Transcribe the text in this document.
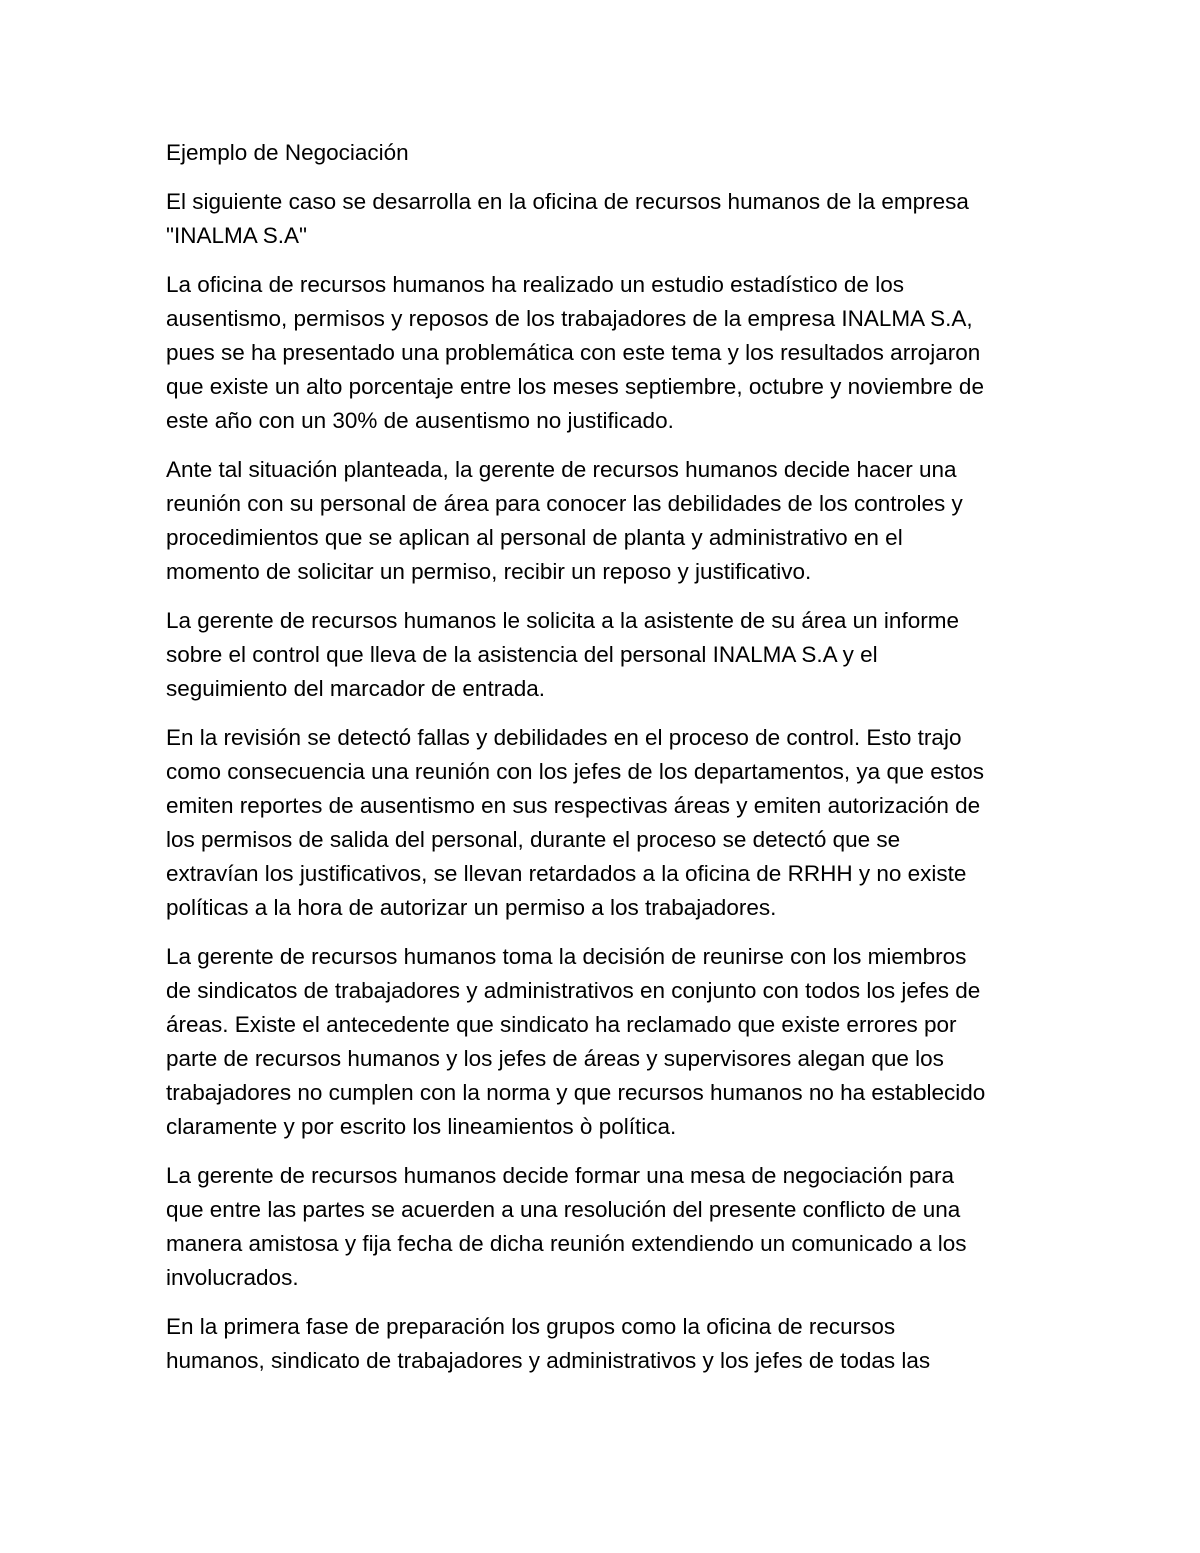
Ejemplo de Negociación

El siguiente caso se desarrolla en la oficina de recursos humanos de la empresa
"INALMA S.A"

La oficina de recursos humanos ha realizado un estudio estadístico de los
ausentismo, permisos y reposos de los trabajadores de la empresa INALMA S.A,
pues se ha presentado una problemática con este tema y los resultados arrojaron
que existe un alto porcentaje entre los meses septiembre, octubre y noviembre de
este año con un 30% de ausentismo no justificado.

Ante tal situación planteada, la gerente de recursos humanos decide hacer una
reunión con su personal de área para conocer las debilidades de los controles y
procedimientos que se aplican al personal de planta y administrativo en el
momento de solicitar un permiso, recibir un reposo y justificativo.

La gerente de recursos humanos le solicita a la asistente de su área un informe
sobre el control que lleva de la asistencia del personal INALMA S.A y el
seguimiento del marcador de entrada.

En la revisión se detectó fallas y debilidades en el proceso de control. Esto trajo
como consecuencia una reunión con los jefes de los departamentos, ya que estos
emiten reportes de ausentismo en sus respectivas áreas y emiten autorización de
los permisos de salida del personal, durante el proceso se detectó que se
extravían los justificativos, se llevan retardados a la oficina de RRHH y no existe
políticas a la hora de autorizar un permiso a los trabajadores.

La gerente de recursos humanos toma la decisión de reunirse con los miembros
de sindicatos de trabajadores y administrativos en conjunto con todos los jefes de
áreas. Existe el antecedente que sindicato ha reclamado que existe errores por
parte de recursos humanos y los jefes de áreas y supervisores alegan que los
trabajadores no cumplen con la norma y que recursos humanos no ha establecido
claramente y por escrito los lineamientos ò política.

La gerente de recursos humanos decide formar una mesa de negociación para
que entre las partes se acuerden a una resolución del presente conflicto de una
manera amistosa y fija fecha de dicha reunión extendiendo un comunicado a los
involucrados.

En la primera fase de preparación los grupos como la oficina de recursos
humanos, sindicato de trabajadores y administrativos y los jefes de todas las
